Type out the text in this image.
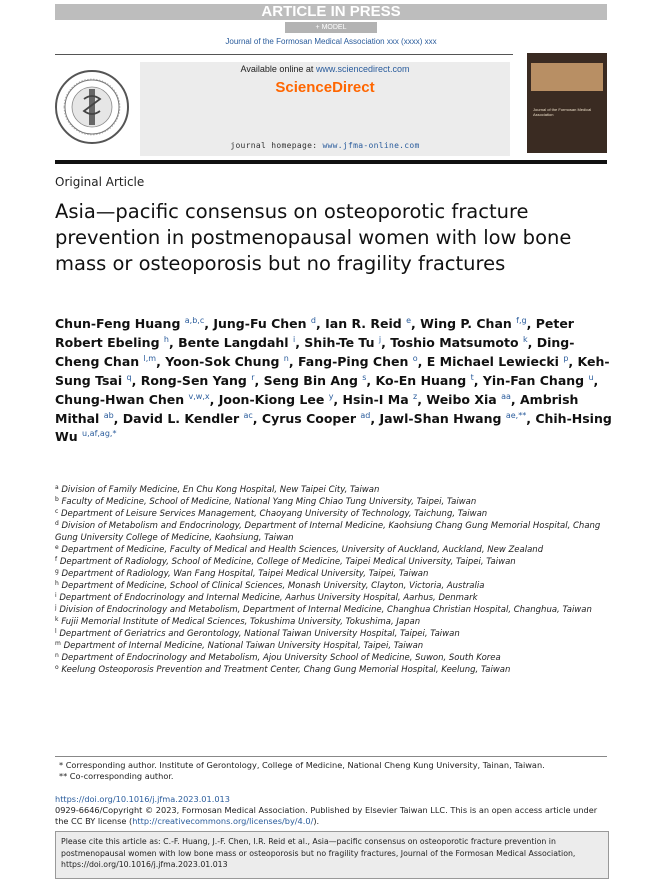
ARTICLE IN PRESS
+ MODEL
Journal of the Formosan Medical Association xxx (xxxx) xxx
Available online at www.sciencedirect.com
ScienceDirect
journal homepage: www.jfma-online.com
Journal of the Formosan Medical Association
Original Article
Asia—pacific consensus on osteoporotic fracture prevention in postmenopausal women with low bone mass or osteoporosis but no fragility fractures
Chun-Feng Huang $^{a,b,c}$, Jung-Fu Chen $^d$, Ian R. Reid $^e$, Wing P. Chan $^{f,g}$, Peter Robert Ebeling $^h$, Bente Langdahl $^i$, Shih-Te Tu $^j$, Toshio Matsumoto $^k$, Ding-Cheng Chan $^{l,m}$, Yoon-Sok Chung $^n$, Fang-Ping Chen $^o$, E Michael Lewiecki $^p$, Keh-Sung Tsai $^q$, Rong-Sen Yang $^r$, Seng Bin Ang $^s$, Ko-En Huang $^t$, Yin-Fan Chang $^u$, Chung-Hwan Chen $^{v,w,x}$, Joon-Kiong Lee $^y$, Hsin-I Ma $^z$, Weibo Xia $^{aa}$, Ambrish Mithal $^{ab}$, David L. Kendler $^{ac}$, Cyrus Cooper $^{ad}$, Jawl-Shan Hwang $^{ae,**}$, Chih-Hsing Wu $^{u,af,ag,*}$
$^a$ Division of Family Medicine, En Chu Kong Hospital, New Taipei City, Taiwan
$^b$ Faculty of Medicine, School of Medicine, National Yang Ming Chiao Tung University, Taipei, Taiwan
$^c$ Department of Leisure Services Management, Chaoyang University of Technology, Taichung, Taiwan
$^d$ Division of Metabolism and Endocrinology, Department of Internal Medicine, Kaohsiung Chang Gung Memorial Hospital, Chang Gung University College of Medicine, Kaohsiung, Taiwan
$^e$ Department of Medicine, Faculty of Medical and Health Sciences, University of Auckland, Auckland, New Zealand
$^f$ Department of Radiology, School of Medicine, College of Medicine, Taipei Medical University, Taipei, Taiwan
$^g$ Department of Radiology, Wan Fang Hospital, Taipei Medical University, Taipei, Taiwan
$^h$ Department of Medicine, School of Clinical Sciences, Monash University, Clayton, Victoria, Australia
$^i$ Department of Endocrinology and Internal Medicine, Aarhus University Hospital, Aarhus, Denmark
$^j$ Division of Endocrinology and Metabolism, Department of Internal Medicine, Changhua Christian Hospital, Changhua, Taiwan
$^k$ Fujii Memorial Institute of Medical Sciences, Tokushima University, Tokushima, Japan
$^l$ Department of Geriatrics and Gerontology, National Taiwan University Hospital, Taipei, Taiwan
$^m$ Department of Internal Medicine, National Taiwan University Hospital, Taipei, Taiwan
$^n$ Department of Endocrinology and Metabolism, Ajou University School of Medicine, Suwon, South Korea
$^o$ Keelung Osteoporosis Prevention and Treatment Center, Chang Gung Memorial Hospital, Keelung, Taiwan
* Corresponding author. Institute of Gerontology, College of Medicine, National Cheng Kung University, Tainan, Taiwan.
** Co-corresponding author.
https://doi.org/10.1016/j.jfma.2023.01.013
0929-6646/Copyright © 2023, Formosan Medical Association. Published by Elsevier Taiwan LLC. This is an open access article under the CC BY license (http://creativecommons.org/licenses/by/4.0/).
Please cite this article as: C.-F. Huang, J.-F. Chen, I.R. Reid et al., Asia—pacific consensus on osteoporotic fracture prevention in postmenopausal women with low bone mass or osteoporosis but no fragility fractures, Journal of the Formosan Medical Association, https://doi.org/10.1016/j.jfma.2023.01.013
